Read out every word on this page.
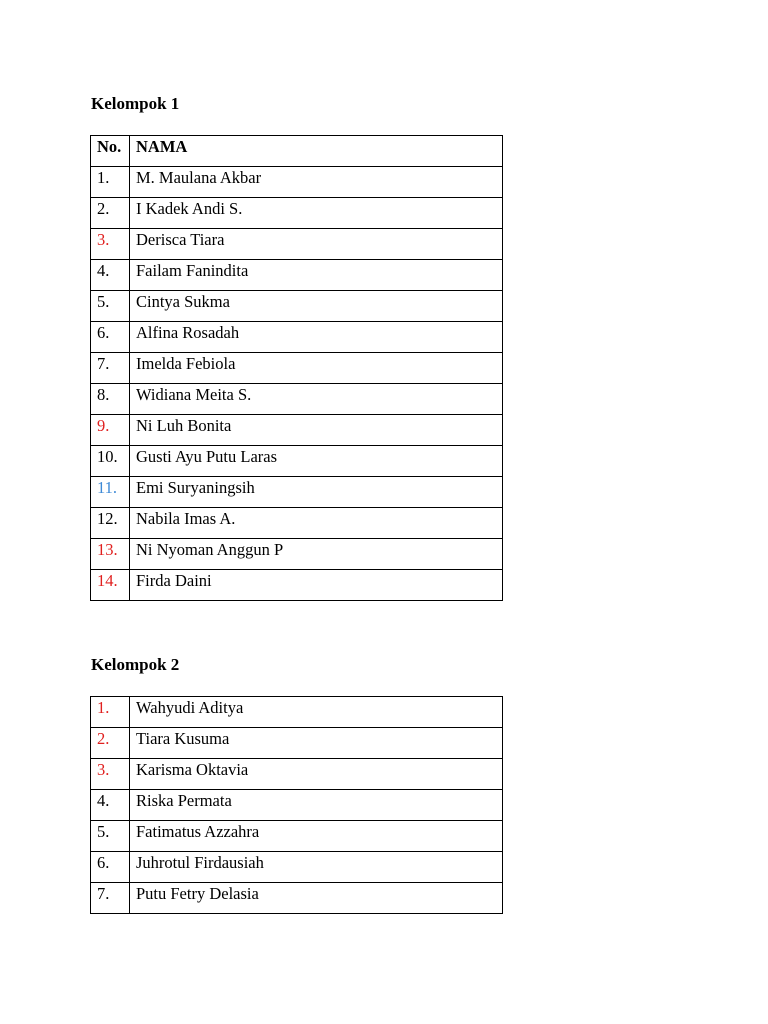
Kelompok 1
No.	NAMA
1.	M. Maulana Akbar
2.	I Kadek Andi S.
3.	Derisca Tiara
4.	Failam Fanindita
5.	Cintya Sukma
6.	Alfina Rosadah
7.	Imelda Febiola
8.	Widiana Meita S.
9.	Ni Luh Bonita
10.	Gusti Ayu Putu Laras
11.	Emi Suryaningsih
12.	Nabila Imas A.
13.	Ni Nyoman Anggun P
14.	Firda Daini
Kelompok 2
1.	Wahyudi Aditya
2.	Tiara Kusuma
3.	Karisma Oktavia
4.	Riska Permata
5.	Fatimatus Azzahra
6.	Juhrotul Firdausiah
7.	Putu Fetry Delasia
